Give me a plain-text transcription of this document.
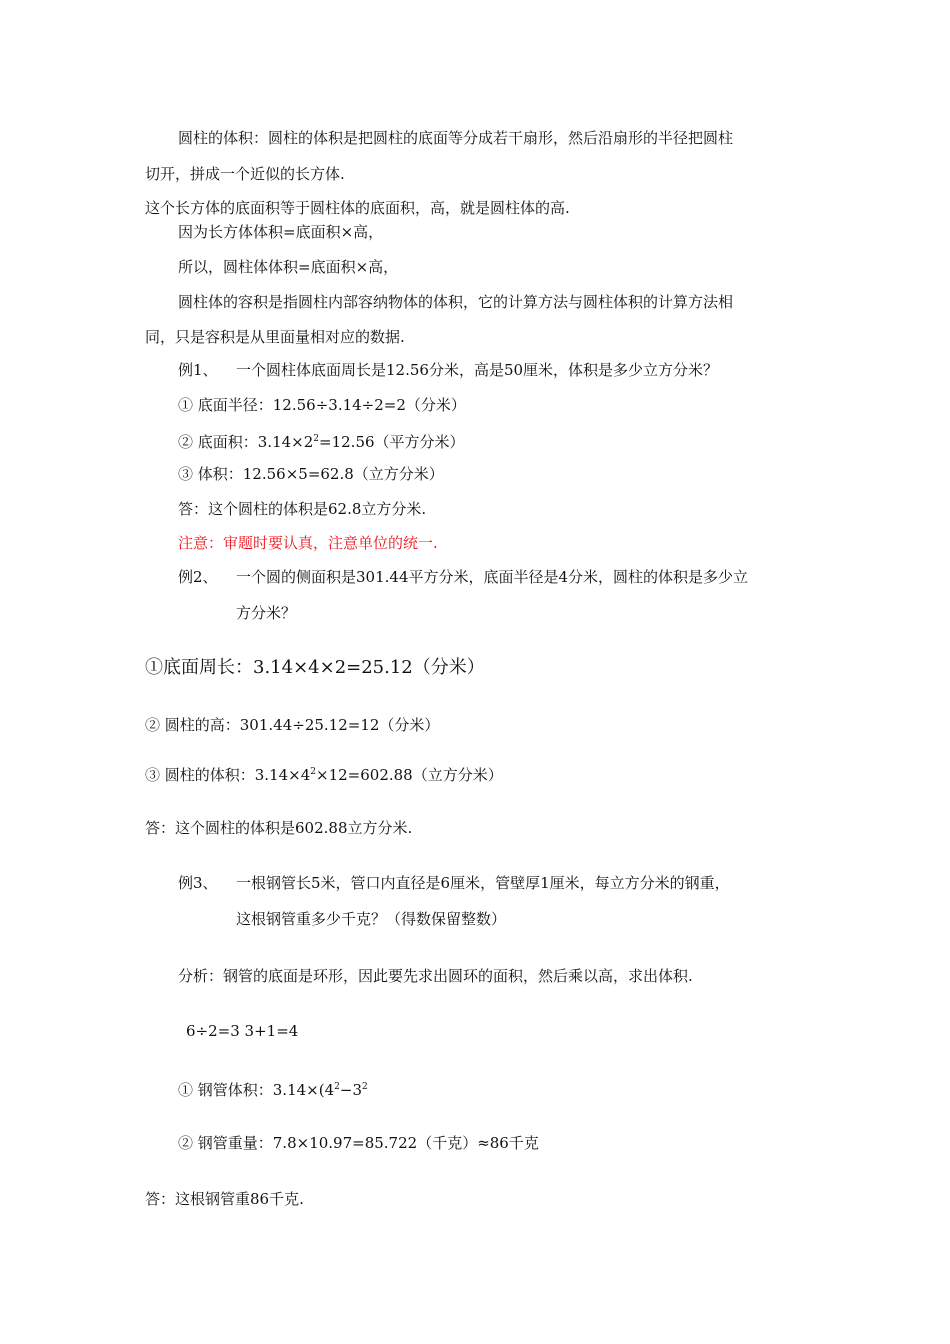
圆柱的体积：圆柱的体积是把圆柱的底面等分成若干扇形，然后沿扇形的半径把圆柱
切开，拼成一个近似的长方体.
这个长方体的底面积等于圆柱体的底面积，高，就是圆柱体的高.
因为长方体体积=底面积×高，
所以，圆柱体体积=底面积×高，
圆柱体的容积是指圆柱内部容纳物体的体积，它的计算方法与圆柱体积的计算方法相
同，只是容积是从里面量相对应的数据.
例1、 一个圆柱体底面周长是12.56分米，高是50厘米，体积是多少立方分米？
① 底面半径：12.56÷3.14÷2=2（分米）
② 底面积：$3.14\times 2^2=12.56$（平方分米）
③ 体积：12.56×5=62.8（立方分米）
答：这个圆柱的体积是62.8立方分米.
注意：审题时要认真，注意单位的统一.
例2、 一个圆的侧面积是301.44平方分米，底面半径是4分米，圆柱的体积是多少立
方分米？
①底面周长：3.14×4×2=25.12（分米）
② 圆柱的高：301.44÷25.12=12（分米）
③ 圆柱的体积：$3.14\times 4^2\times 12=602.88$（立方分米）
答：这个圆柱的体积是602.88立方分米.
例3、 一根钢管长5米，管口内直径是6厘米，管壁厚1厘米，每立方分米的钢重，
这根钢管重多少千克？（得数保留整数）
分析：钢管的底面是环形，因此要先求出圆环的面积，然后乘以高，求出体积.
6÷2=3 3+1=4
① 钢管体积：$3.14\times(4^2-3^2$
② 钢管重量：7.8×10.97=85.722（千克）≈86千克
答：这根钢管重86千克.
